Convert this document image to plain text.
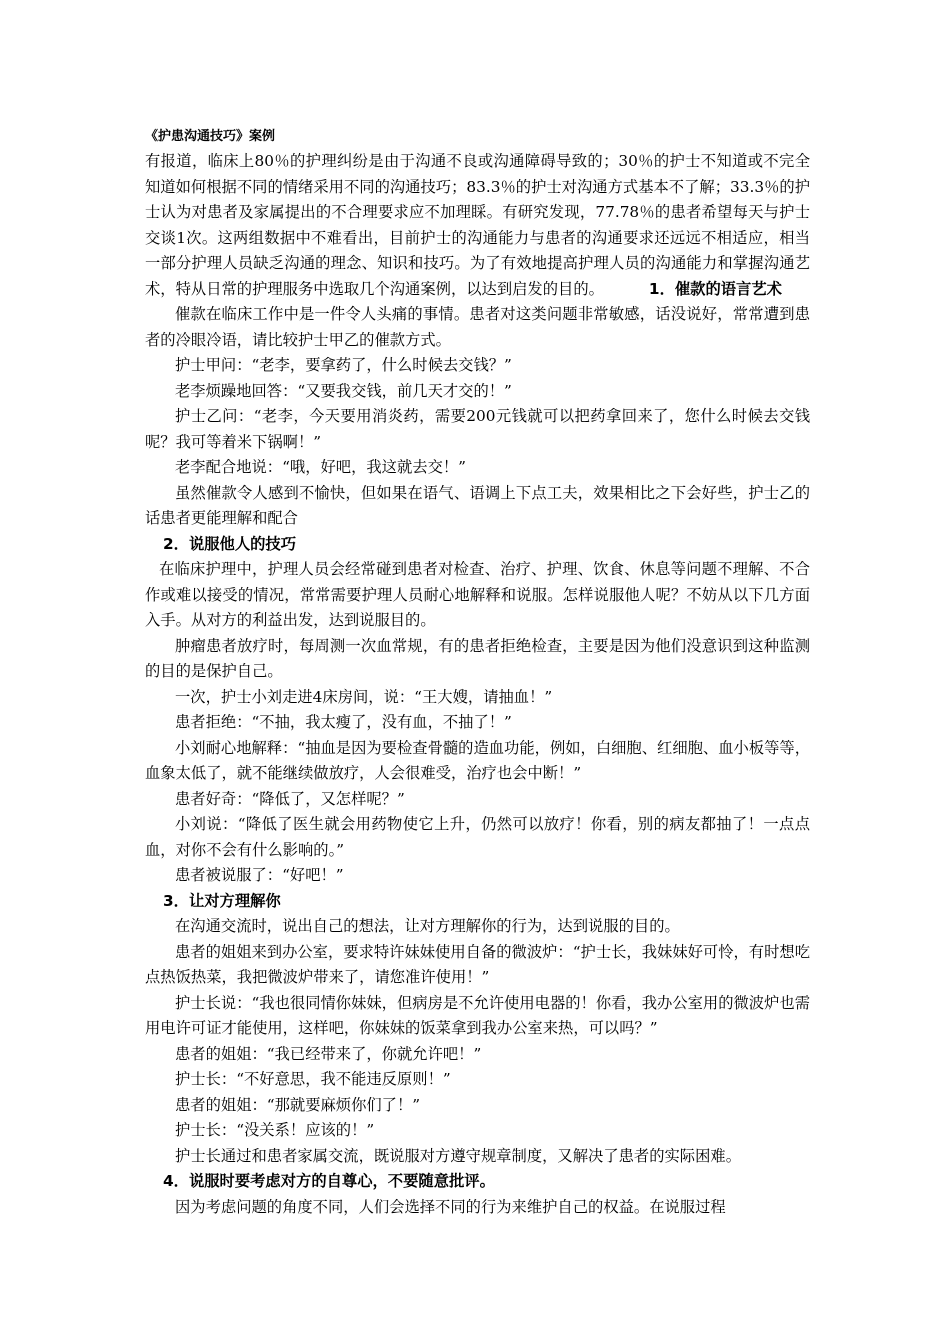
《护患沟通技巧》案例

有报道，临床上80％的护理纠纷是由于沟通不良或沟通障碍导致的；30％的护士不知道或不完全知道如何根据不同的情绪采用不同的沟通技巧；83.3％的护士对沟通方式基本不了解；33.3％的护士认为对患者及家属提出的不合理要求应不加理睬。有研究发现，77.78％的患者希望每天与护士交谈1次。这两组数据中不难看出，目前护士的沟通能力与患者的沟通要求还远远不相适应，相当一部分护理人员缺乏沟通的理念、知识和技巧。为了有效地提高护理人员的沟通能力和掌握沟通艺术，特从日常的护理服务中选取几个沟通案例，以达到启发的目的。	1．催款的语言艺术

催款在临床工作中是一件令人头痛的事情。患者对这类问题非常敏感，话没说好，常常遭到患者的冷眼冷语，请比较护士甲乙的催款方式。

护士甲问：“老李，要拿药了，什么时候去交钱？”

老李烦躁地回答：“又要我交钱，前几天才交的！”

护士乙问：“老李，今天要用消炎药，需要200元钱就可以把药拿回来了，您什么时候去交钱呢？我可等着米下锅啊！”

老李配合地说：“哦，好吧，我这就去交！”

虽然催款令人感到不愉快，但如果在语气、语调上下点工夫，效果相比之下会好些，护士乙的话患者更能理解和配合

2．说服他人的技巧

在临床护理中，护理人员会经常碰到患者对检查、治疗、护理、饮食、休息等问题不理解、不合作或难以接受的情况，常常需要护理人员耐心地解释和说服。怎样说服他人呢？不妨从以下几方面入手。从对方的利益出发，达到说服目的。

肿瘤患者放疗时，每周测一次血常规，有的患者拒绝检查，主要是因为他们没意识到这种监测的目的是保护自己。

一次，护士小刘走进4床房间，说：“王大嫂，请抽血！”

患者拒绝：“不抽，我太瘦了，没有血，不抽了！”

小刘耐心地解释：“抽血是因为要检查骨髓的造血功能，例如，白细胞、红细胞、血小板等等，血象太低了，就不能继续做放疗，人会很难受，治疗也会中断！”

患者好奇：“降低了，又怎样呢？”

小刘说：“降低了医生就会用药物使它上升，仍然可以放疗！你看，别的病友都抽了！一点点血，对你不会有什么影响的。”

患者被说服了：“好吧！”

3．让对方理解你

在沟通交流时，说出自己的想法，让对方理解你的行为，达到说服的目的。

患者的姐姐来到办公室，要求特许妹妹使用自备的微波炉：“护士长，我妹妹好可怜，有时想吃点热饭热菜，我把微波炉带来了，请您准许使用！”

护士长说：“我也很同情你妹妹，但病房是不允许使用电器的！你看，我办公室用的微波炉也需用电许可证才能使用，这样吧，你妹妹的饭菜拿到我办公室来热，可以吗？”

患者的姐姐：“我已经带来了，你就允许吧！”

护士长：“不好意思，我不能违反原则！”

患者的姐姐：“那就要麻烦你们了！”

护士长：“没关系！应该的！”

护士长通过和患者家属交流，既说服对方遵守规章制度，又解决了患者的实际困难。

4．说服时要考虑对方的自尊心，不要随意批评。

因为考虑问题的角度不同，人们会选择不同的行为来维护自己的权益。在说服过程
